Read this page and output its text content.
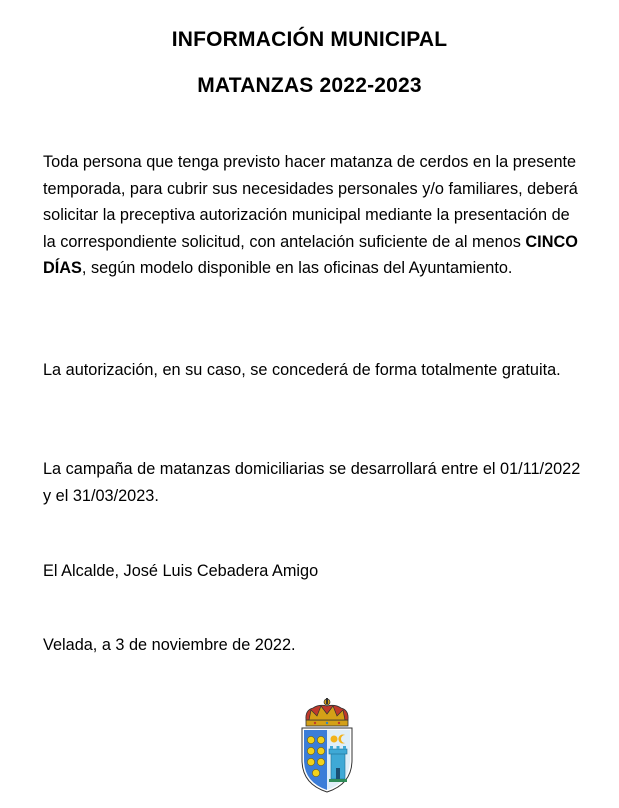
INFORMACIÓN MUNICIPAL
MATANZAS 2022-2023
Toda persona que tenga previsto hacer matanza de cerdos en la presente temporada, para cubrir sus necesidades personales y/o familiares, deberá solicitar la preceptiva autorización municipal mediante la presentación de la correspondiente solicitud, con antelación suficiente de al menos CINCO DÍAS, según modelo disponible en las oficinas del Ayuntamiento.
La autorización, en su caso, se concederá de forma totalmente gratuita.
La campaña de matanzas domiciliarias se desarrollará entre el 01/11/2022 y el 31/03/2023.
El Alcalde, José Luis Cebadera Amigo
Velada, a 3 de noviembre de 2022.
